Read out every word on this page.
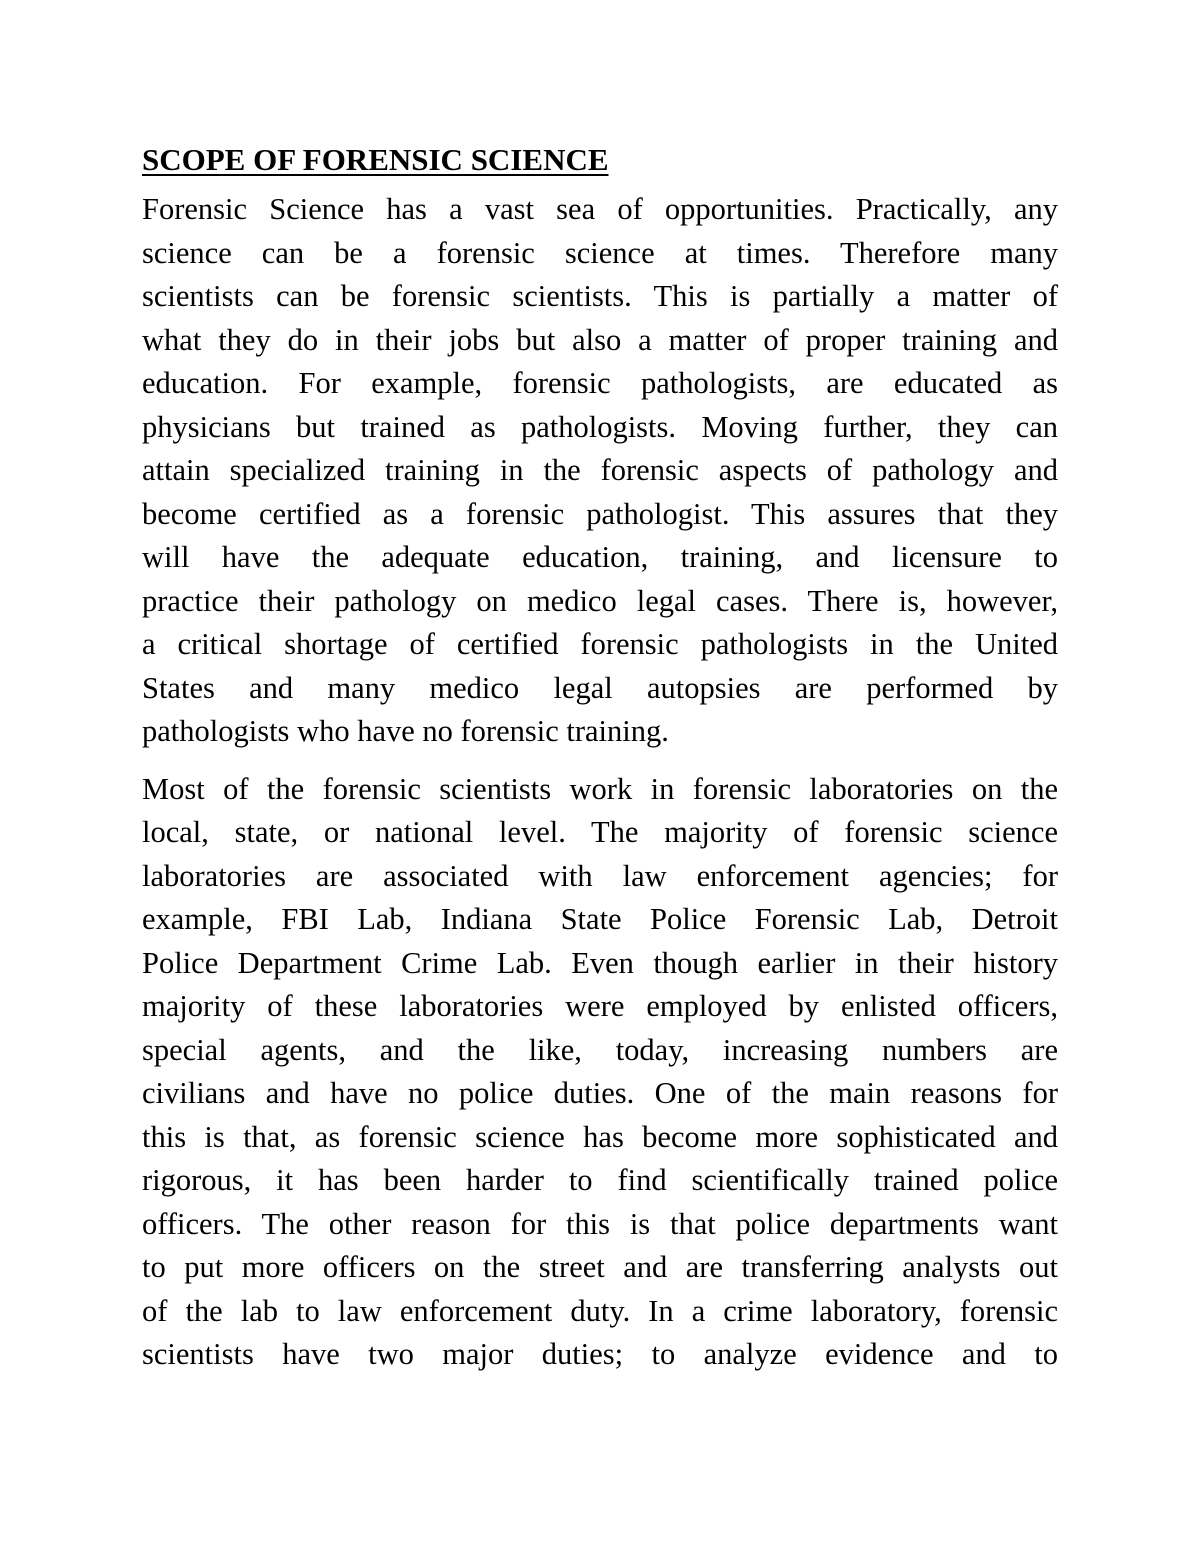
SCOPE OF FORENSIC SCIENCE
Forensic Science has a vast sea of opportunities. Practically, any
science can be a forensic science at times. Therefore many
scientists can be forensic scientists. This is partially a matter of
what they do in their jobs but also a matter of proper training and
education. For example, forensic pathologists, are educated as
physicians but trained as pathologists. Moving further, they can
attain specialized training in the forensic aspects of pathology and
become certified as a forensic pathologist. This assures that they
will have the adequate education, training, and licensure to
practice their pathology on medico legal cases. There is, however,
a critical shortage of certified forensic pathologists in the United
States and many medico legal autopsies are performed by
pathologists who have no forensic training.
Most of the forensic scientists work in forensic laboratories on the
local, state, or national level. The majority of forensic science
laboratories are associated with law enforcement agencies; for
example, FBI Lab, Indiana State Police Forensic Lab, Detroit
Police Department Crime Lab. Even though earlier in their history
majority of these laboratories were employed by enlisted officers,
special agents, and the like, today, increasing numbers are
civilians and have no police duties. One of the main reasons for
this is that, as forensic science has become more sophisticated and
rigorous, it has been harder to find scientifically trained police
officers. The other reason for this is that police departments want
to put more officers on the street and are transferring analysts out
of the lab to law enforcement duty. In a crime laboratory, forensic
scientists have two major duties; to analyze evidence and to
